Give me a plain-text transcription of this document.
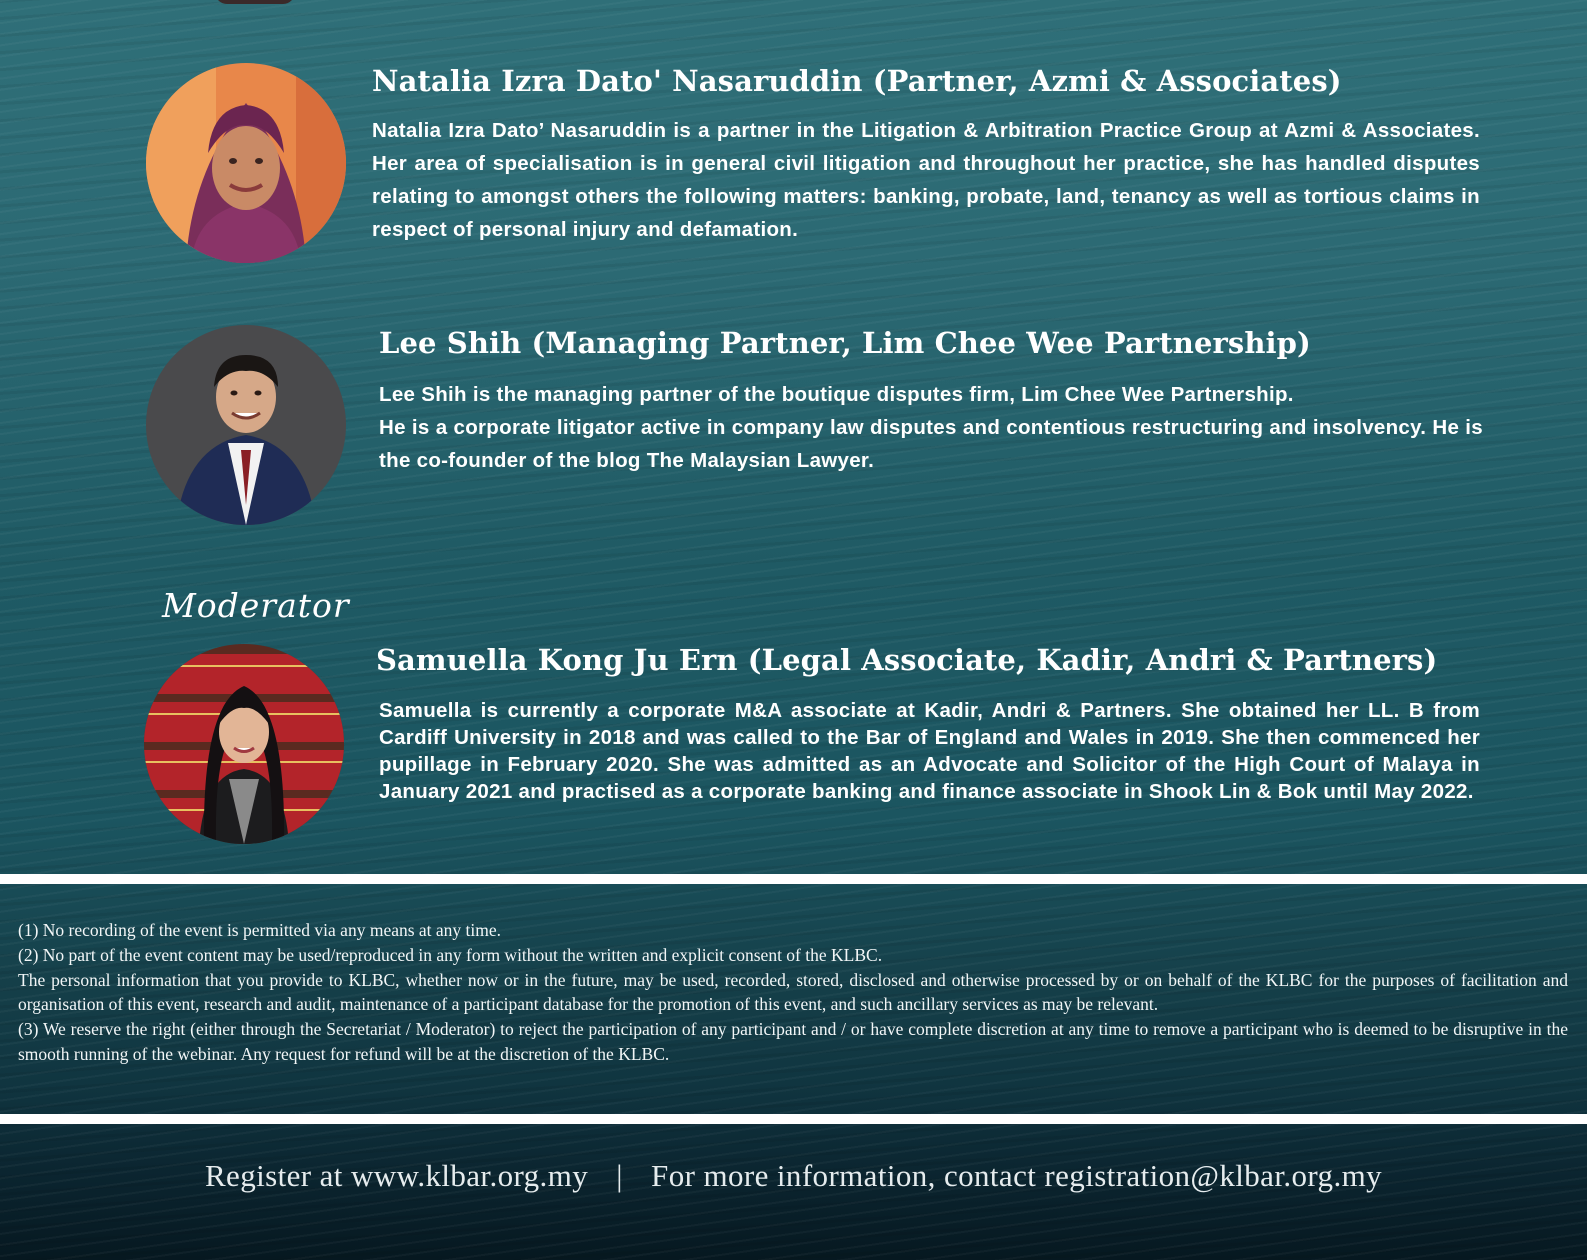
Natalia Izra Dato' Nasaruddin (Partner, Azmi & Associates)

Natalia Izra Dato’ Nasaruddin is a partner in the Litigation & Arbitration Practice Group at Azmi & Associates. Her area of specialisation is in general civil litigation and throughout her practice, she has handled disputes relating to amongst others the following matters: banking, probate, land, tenancy as well as tortious claims in respect of personal injury and defamation.

Lee Shih (Managing Partner, Lim Chee Wee Partnership)

Lee Shih is the managing partner of the boutique disputes firm, Lim Chee Wee Partnership.

He is a corporate litigator active in company law disputes and contentious restructuring and insolvency. He is the co-founder of the blog The Malaysian Lawyer.

Moderator
Samuella Kong Ju Ern (Legal Associate, Kadir, Andri & Partners)

Samuella is currently a corporate M&A associate at Kadir, Andri & Partners. She obtained her LL. B from Cardiff University in 2018 and was called to the Bar of England and Wales in 2019. She then commenced her pupillage in February 2020. She was admitted as an Advocate and Solicitor of the High Court of Malaya in January 2021 and practised as a corporate banking and finance associate in Shook Lin & Bok until May 2022.

(1) No recording of the event is permitted via any means at any time.

(2) No part of the event content may be used/reproduced in any form without the written and explicit consent of the KLBC.

The personal information that you provide to KLBC, whether now or in the future, may be used, recorded, stored, disclosed and otherwise processed by or on behalf of the KLBC for the purposes of facilitation and organisation of this event, research and audit, maintenance of a participant database for the promotion of this event, and such ancillary services as may be relevant.

(3) We reserve the right (either through the Secretariat / Moderator) to reject the participation of any participant and / or have complete discretion at any time to remove a participant who is deemed to be disruptive in the smooth running of the webinar. Any request for refund will be at the discretion of the KLBC.

Register at www.klbar.org.my | For more information, contact registration@klbar.org.my
